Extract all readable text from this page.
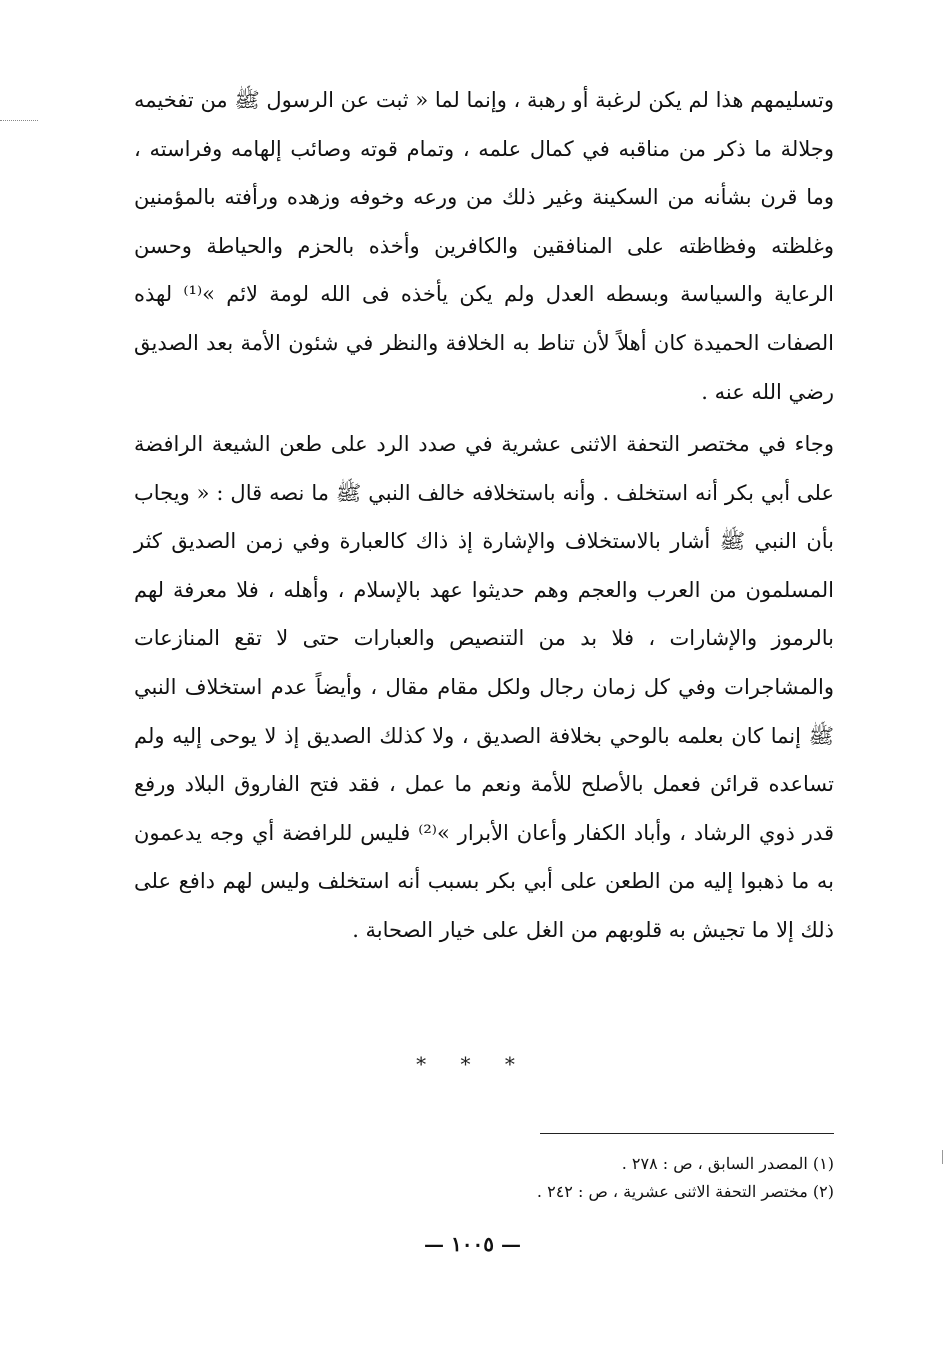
وتسليمهم هذا لم يكن لرغبة أو رهبة ، وإنما لما « ثبت عن الرسول ﷺ من تفخيمه وجلالة ما ذكر من مناقبه في كمال علمه ، وتمام قوته وصائب إلهامه وفراسته ، وما قرن بشأنه من السكينة وغير ذلك من ورعه وخوفه وزهده ورأفته بالمؤمنين وغلظته وفظاظته على المنافقين والكافرين وأخذه بالحزم والحياطة وحسن الرعاية والسياسة وبسطه العدل ولم يكن يأخذه فى الله لومة لائم »⁽¹⁾ لهذه الصفات الحميدة كان أهلاً لأن تناط به الخلافة والنظر في شئون الأمة بعد الصديق رضي الله عنه .

وجاء في مختصر التحفة الاثنى عشرية في صدد الرد على طعن الشيعة الرافضة على أبي بكر أنه استخلف . وأنه باستخلافه خالف النبي ﷺ ما نصه قال : « ويجاب بأن النبي ﷺ أشار بالاستخلاف والإشارة إذ ذاك كالعبارة وفي زمن الصديق كثر المسلمون من العرب والعجم وهم حديثوا عهد بالإسلام ، وأهله ، فلا معرفة لهم بالرموز والإشارات ، فلا بد من التنصيص والعبارات حتى لا تقع المنازعات والمشاجرات وفي كل زمان رجال ولكل مقام مقال ، وأيضاً عدم استخلاف النبي ﷺ إنما كان بعلمه بالوحي بخلافة الصديق ، ولا كذلك الصديق إذ لا يوحى إليه ولم تساعده قرائن فعمل بالأصلح للأمة ونعم ما عمل ، فقد فتح الفاروق البلاد ورفع قدر ذوي الرشاد ، وأباد الكفار وأعان الأبرار »⁽²⁾ فليس للرافضة أي وجه يدعمون به ما ذهبوا إليه من الطعن على أبي بكر بسبب أنه استخلف وليس لهم دافع على ذلك إلا ما تجيش به قلوبهم من الغل على خيار الصحابة .

* * *
(١) المصدر السابق ، ص : ٢٧٨ .
(٢) مختصر التحفة الاثنى عشرية ، ص : ٢٤٢ .
— ١٠٠٥ —
